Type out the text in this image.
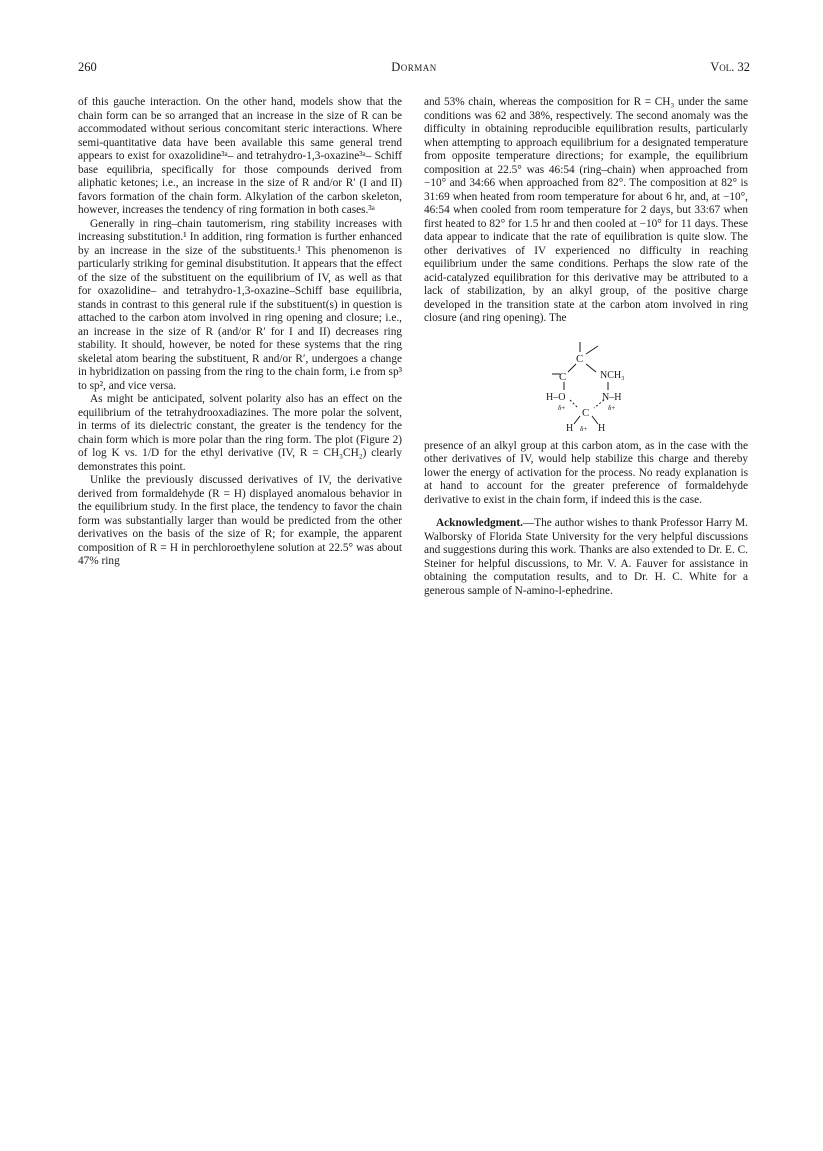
260	Dorman	Vol. 32

of this gauche interaction. On the other hand, models show that the chain form can be so arranged that an increase in the size of R can be accommodated without serious concomitant steric interactions. Where semi-quantitative data have been available this same general trend appears to exist for oxazolidine³ᵃ– and tetrahydro-1,3-oxazine³ᵃ– Schiff base equilibria, specifically for those compounds derived from aliphatic ketones; i.e., an increase in the size of R and/or R′ (I and II) favors formation of the chain form. Alkylation of the carbon skeleton, however, increases the tendency of ring formation in both cases.³ᵃ

Generally in ring–chain tautomerism, ring stability increases with increasing substitution.¹ In addition, ring formation is further enhanced by an increase in the size of the substituents.¹ This phenomenon is particularly striking for geminal disubstitution. It appears that the effect of the size of the substituent on the equilibrium of IV, as well as that for oxazolidine– and tetrahydro-1,3-oxazine–Schiff base equilibria, stands in contrast to this general rule if the substituent(s) in question is attached to the carbon atom involved in ring opening and closure; i.e., an increase in the size of R (and/or R′ for I and II) decreases ring stability. It should, however, be noted for these systems that the ring skeletal atom bearing the substituent, R and/or R′, undergoes a change in hybridization on passing from the ring to the chain form, i.e from sp³ to sp², and vice versa.

As might be anticipated, solvent polarity also has an effect on the equilibrium of the tetrahydrooxadiazines. The more polar the solvent, in terms of its dielectric constant, the greater is the tendency for the chain form which is more polar than the ring form. The plot (Figure 2) of log K vs. 1/D for the ethyl derivative (IV, R = CH₃CH₂) clearly demonstrates this point.

Unlike the previously discussed derivatives of IV, the derivative derived from formaldehyde (R = H) displayed anomalous behavior in the equilibrium study. In the first place, the tendency to favor the chain form was substantially larger than would be predicted from the other derivatives on the basis of the size of R; for example, the apparent composition of R = H in perchloroethylene solution at 22.5° was about 47% ring

and 53% chain, whereas the composition for R = CH₃ under the same conditions was 62 and 38%, respectively. The second anomaly was the difficulty in obtaining reproducible equilibration results, particularly when attempting to approach equilibrium for a designated temperature from opposite temperature directions; for example, the equilibrium composition at 22.5° was 46:54 (ring–chain) when approached from −10° and 34:66 when approached from 82°. The composition at 82° is 31:69 when heated from room temperature for about 6 hr, and, at −10°, 46:54 when cooled from room temperature for 2 days, but 33:67 when first heated to 82° for 1.5 hr and then cooled at −10° for 11 days. These data appear to indicate that the rate of equilibration is quite slow. The other derivatives of IV experienced no difficulty in reaching equilibrium under the same conditions. Perhaps the slow rate of the acid-catalyzed equilibration for this derivative may be attributed to a lack of stabilization, by an alkyl group, of the positive charge developed in the transition state at the carbon atom involved in ring closure (and ring opening). The

C
C	NCH₃
H–O	N–H
δ+	δ+
C
H δ+ H

presence of an alkyl group at this carbon atom, as in the case with the other derivatives of IV, would help stabilize this charge and thereby lower the energy of activation for the process. No ready explanation is at hand to account for the greater preference of formaldehyde derivative to exist in the chain form, if indeed this is the case.

Acknowledgment.—The author wishes to thank Professor Harry M. Walborsky of Florida State University for the very helpful discussions and suggestions during this work. Thanks are also extended to Dr. E. C. Steiner for helpful discussions, to Mr. V. A. Fauver for assistance in obtaining the computation results, and to Dr. H. C. White for a generous sample of N-amino-l-ephedrine.
